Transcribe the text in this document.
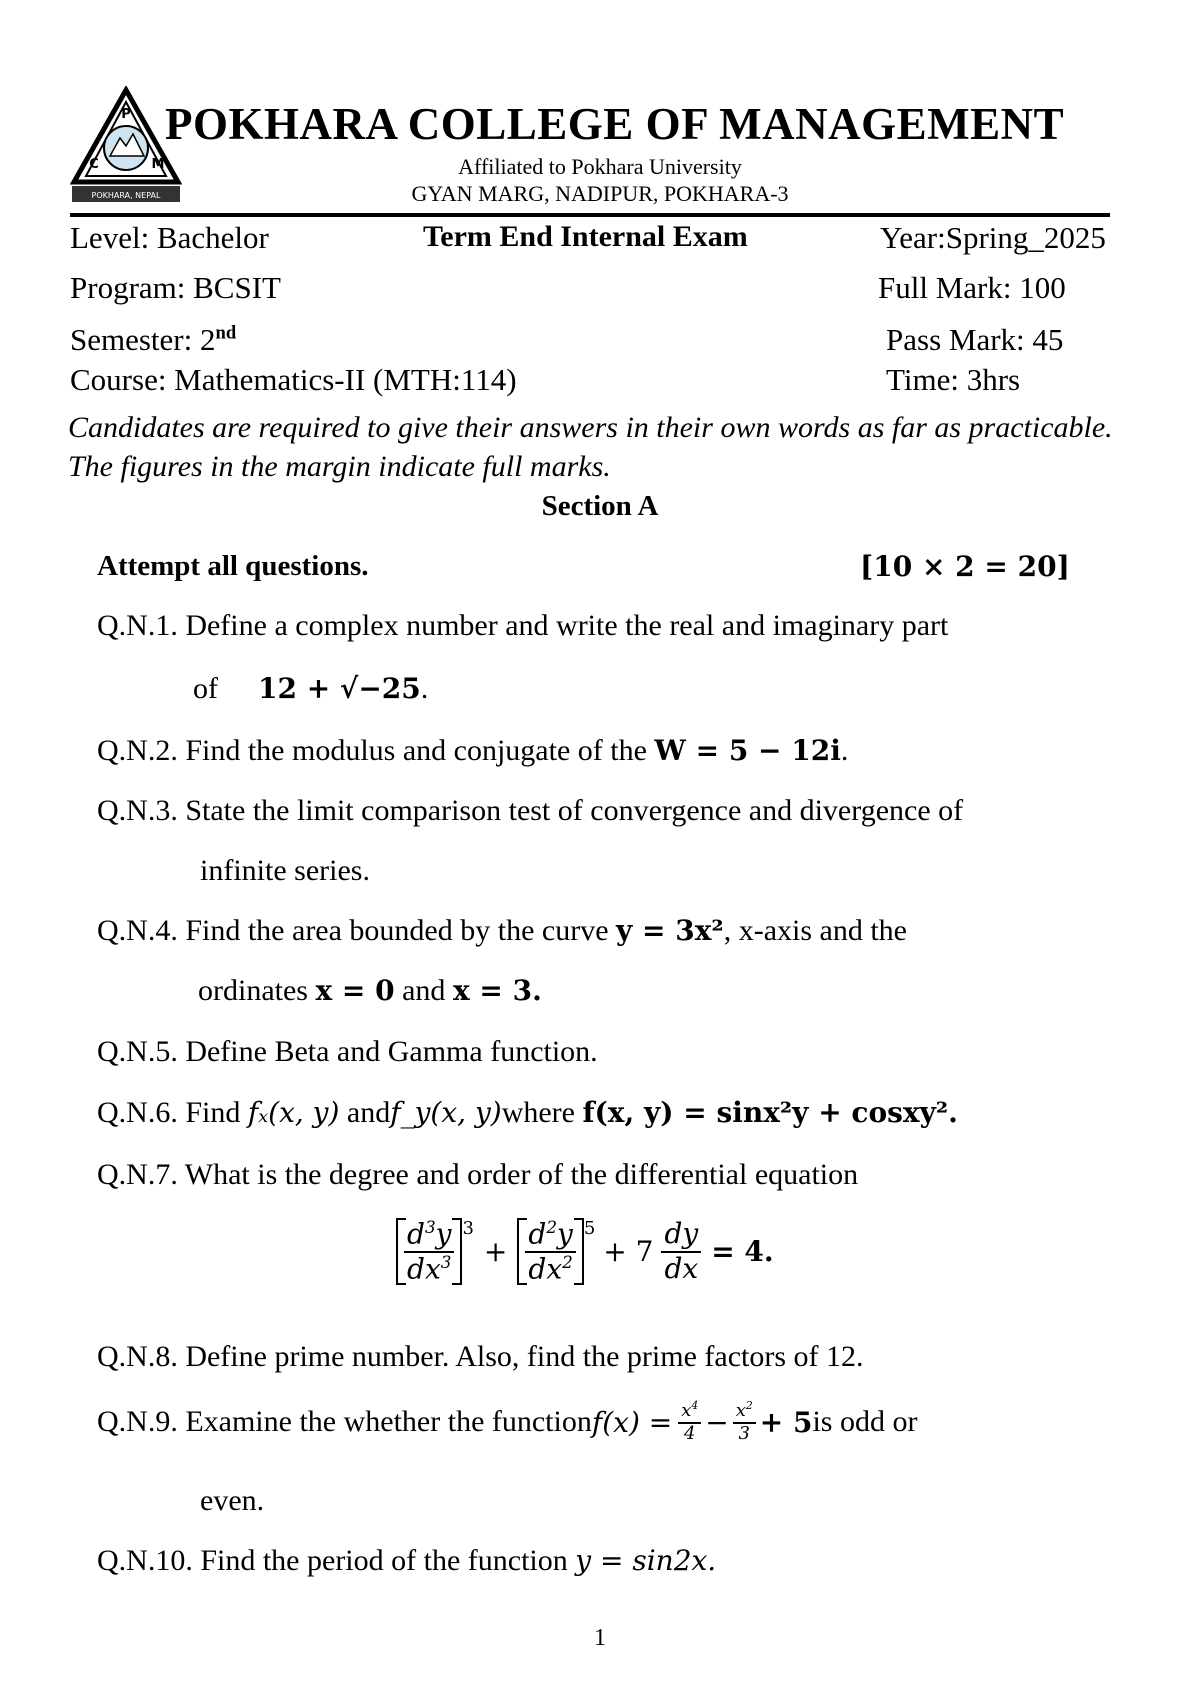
P
C	M
POKHARA, NEPAL
POKHARA COLLEGE OF MANAGEMENT
Affiliated to Pokhara University
GYAN MARG, NADIPUR, POKHARA-3
Level: Bachelor	Term End Internal Exam	Year:Spring_2025
Program: BCSIT	Full Mark: 100
Semester: 2nd	Pass Mark: 45
Course: Mathematics-II (MTH:114)	Time: 3hrs
Candidates are required to give their answers in their own words as far as practicable. The figures in the margin indicate full marks.
Section A
Attempt all questions.	[10 × 2 = 20]
Q.N.1. Define a complex number and write the real and imaginary part
of 12 + √−25.
Q.N.2. Find the modulus and conjugate of the W = 5 − 12i.
Q.N.3. State the limit comparison test of convergence and divergence of
infinite series.
Q.N.4. Find the area bounded by the curve y = 3x², x-axis and the
ordinates x = 0 and x = 3.
Q.N.5. Define Beta and Gamma function.
Q.N.6. Find fₓ(x, y) andf_y(x, y)where f(x, y) = sinx²y + cosxy².
Q.N.7. What is the degree and order of the differential equation
$\frac{d^3y}{dx^3} ^3$
+ $\frac{d^2y}{dx^2} ^5$
+ $7 \frac{dy}{dx} = 4$.
Q.N.8. Define prime number. Also, find the prime factors of 12.
Q.N.9. Examine the whether the function $f(x) = \frac{x^4}{4} - \frac{x^2}{3} + 5$ is odd or
even.
Q.N.10. Find the period of the function y = sin2x.
1
